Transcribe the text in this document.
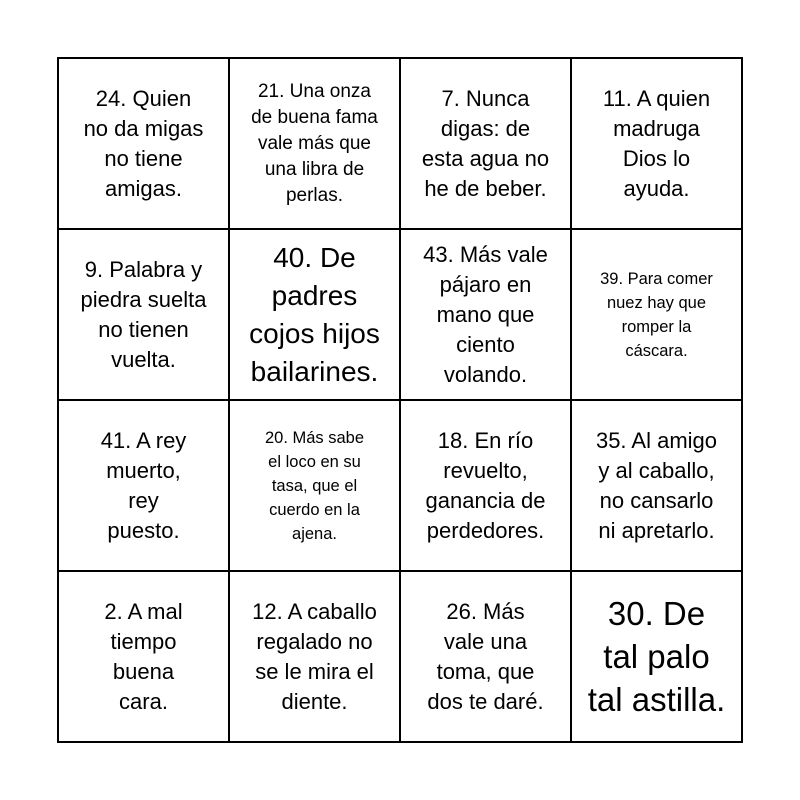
24. Quien
no da migas
no tiene
amigas.
21. Una onza
de buena fama
vale más que
una libra de
perlas.
7. Nunca
digas: de
esta agua no
he de beber.
11. A quien
madruga
Dios lo
ayuda.
9. Palabra y
piedra suelta
no tienen
vuelta.
40. De
padres
cojos hijos
bailarines.
43. Más vale
pájaro en
mano que
ciento
volando.
39. Para comer
nuez hay que
romper la
cáscara.
41. A rey
muerto,
rey
puesto.
20. Más sabe
el loco en su
tasa, que el
cuerdo en la
ajena.
18. En río
revuelto,
ganancia de
perdedores.
35. Al amigo
y al caballo,
no cansarlo
ni apretarlo.
2. A mal
tiempo
buena
cara.
12. A caballo
regalado no
se le mira el
diente.
26. Más
vale una
toma, que
dos te daré.
30. De
tal palo
tal astilla.
